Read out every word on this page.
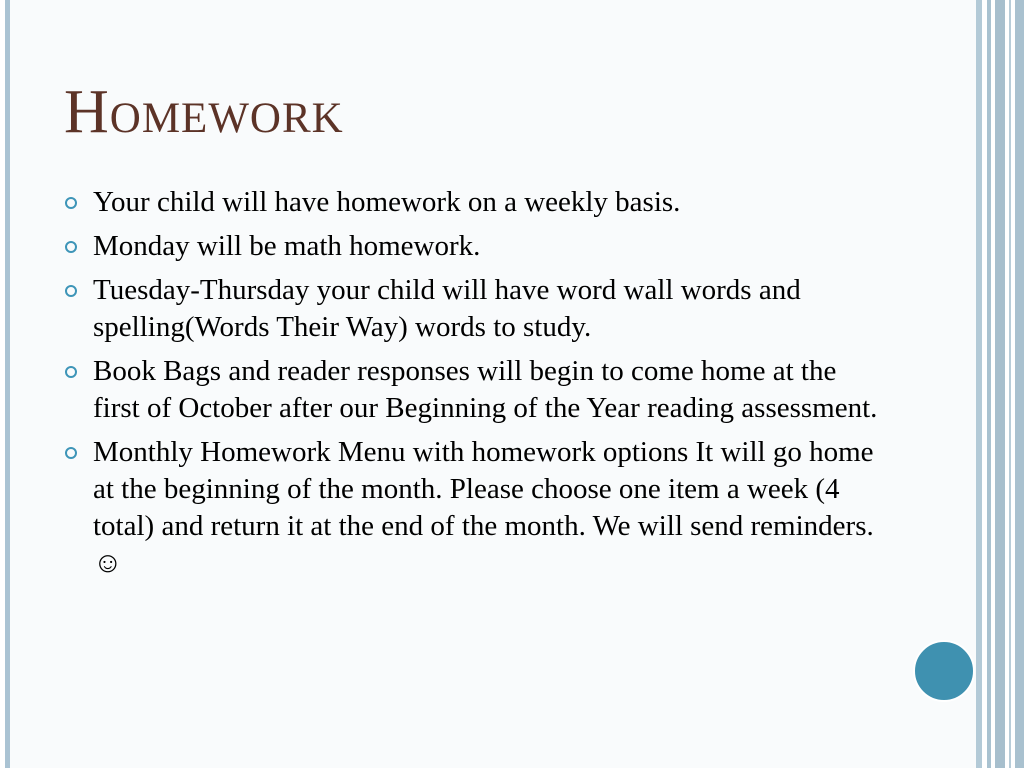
Homework
Your child will have homework on a weekly basis.
Monday will be math homework.
Tuesday-Thursday your child will have word wall words and spelling(Words Their Way) words to study.
Book Bags and reader responses will begin to come home at the first of October after our Beginning of the Year reading assessment.
Monthly Homework Menu with homework options It will go home at the beginning of the month. Please choose one item a week (4 total) and return it at the end of the month. We will send reminders. ☺
